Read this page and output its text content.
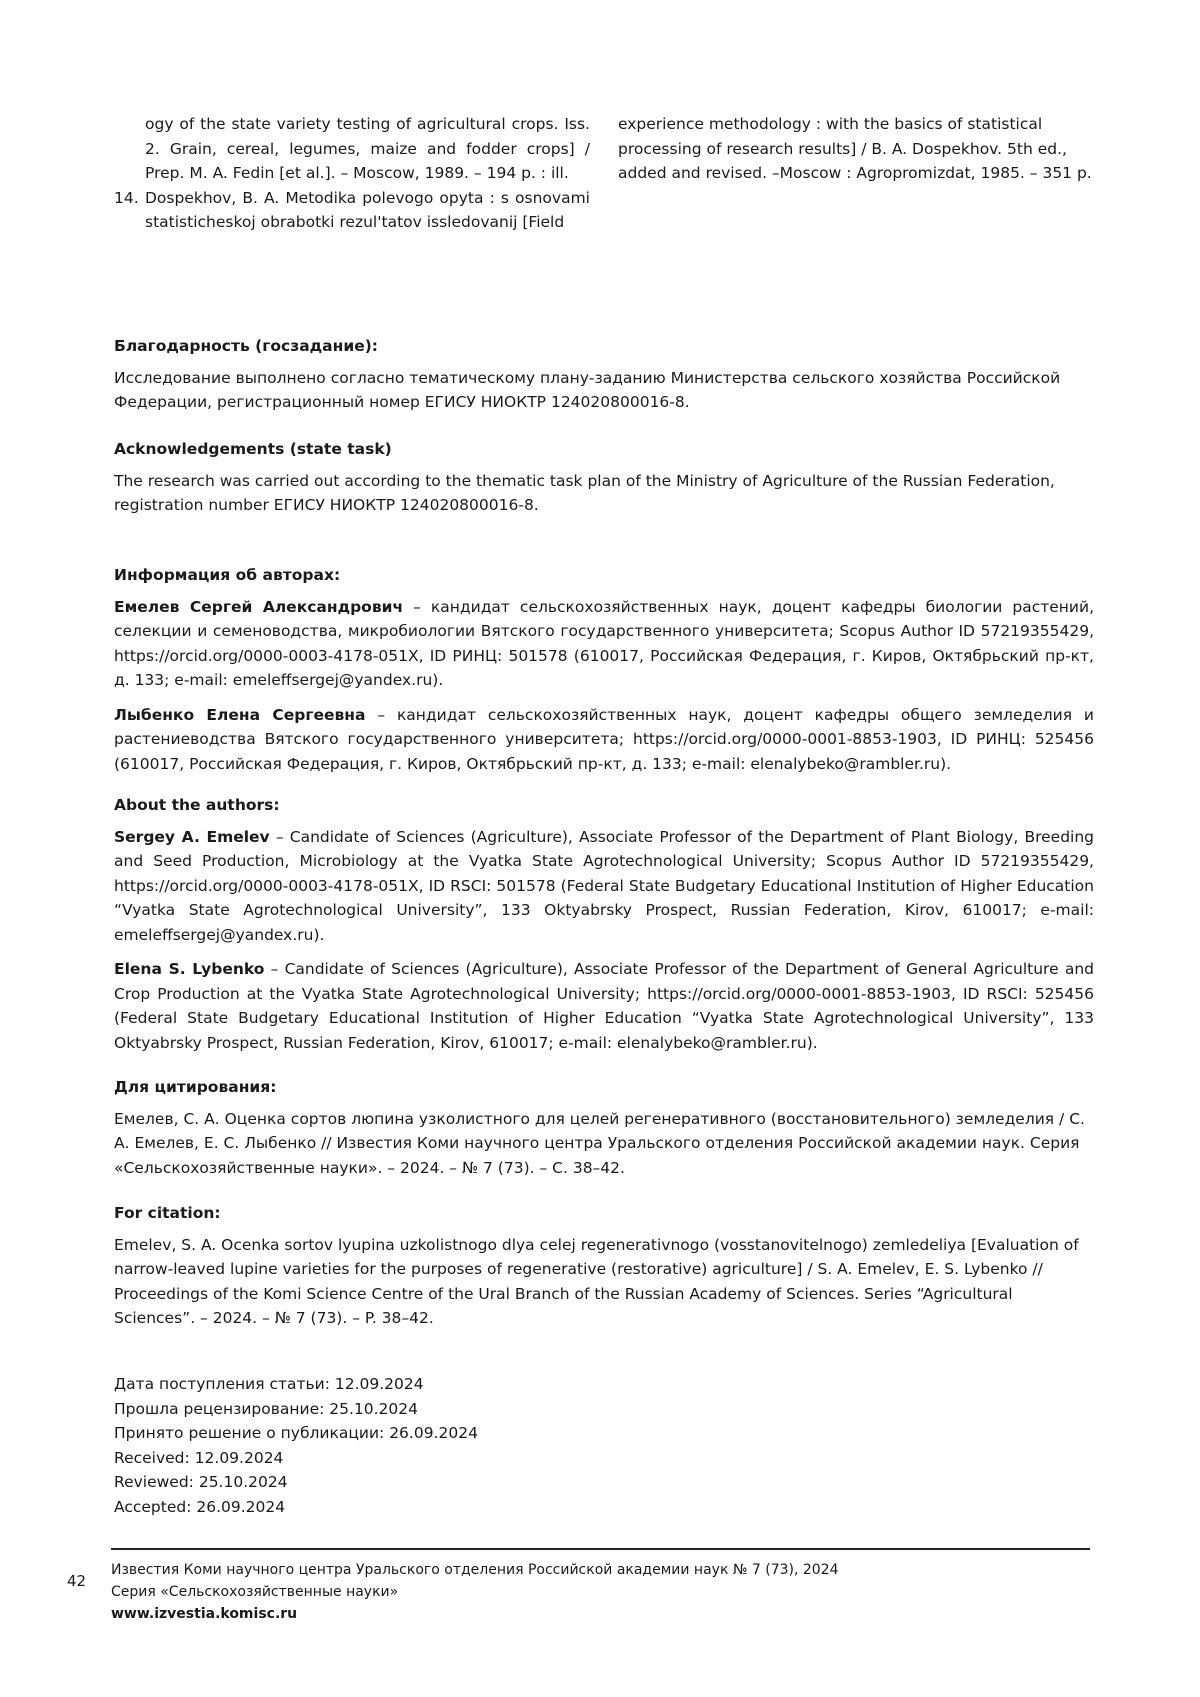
ogy of the state variety testing of agricultural crops. Iss. 2. Grain, cereal, legumes, maize and fodder crops] / Prep. M. A. Fedin [et al.]. – Moscow, 1989. – 194 p. : ill.

14. Dospekhov, B. A. Metodika polevogo opyta : s osnovami statisticheskoj obrabotki rezul'tatov issledovanij [Field

experience methodology : with the basics of statistical processing of research results] / B. A. Dospekhov. 5th ed., added and revised. –Moscow : Agropromizdat, 1985. – 351 p.

Благодарность (госзадание):

Исследование выполнено согласно тематическому плану-заданию Министерства сельского хозяйства Российской Федерации, регистрационный номер ЕГИСУ НИОКТР 124020800016-8.

Acknowledgements (state task)

The research was carried out according to the thematic task plan of the Ministry of Agriculture of the Russian Federation, registration number ЕГИСУ НИОКТР 124020800016-8.

Информация об авторах:

Емелев Сергей Александрович – кандидат сельскохозяйственных наук, доцент кафедры биологии растений, селекции и семеноводства, микробиологии Вятского государственного университета; Scopus Author ID 57219355429, https://orcid.org/0000-0003-4178-051X, ID РИНЦ: 501578 (610017, Российская Федерация, г. Киров, Октябрьский пр-кт, д. 133; e-mail: emeleffsergej@yandex.ru).

Лыбенко Елена Сергеевна – кандидат сельскохозяйственных наук, доцент кафедры общего земледелия и растениеводства Вятского государственного университета; https://orcid.org/0000-0001-8853-1903, ID РИНЦ: 525456 (610017, Российская Федерация, г. Киров, Октябрьский пр-кт, д. 133; e-mail: elenalybeko@rambler.ru).

About the authors:

Sergey A. Emelev – Candidate of Sciences (Agriculture), Associate Professor of the Department of Plant Biology, Breeding and Seed Production, Microbiology at the Vyatka State Agrotechnological University; Scopus Author ID 57219355429, https://orcid.org/0000-0003-4178-051X, ID RSCI: 501578 (Federal State Budgetary Educational Institution of Higher Education “Vyatka State Agrotechnological University”, 133 Oktyabrsky Prospect, Russian Federation, Kirov, 610017; e-mail: emeleffsergej@yandex.ru).

Elena S. Lybenko – Candidate of Sciences (Agriculture), Associate Professor of the Department of General Agriculture and Crop Production at the Vyatka State Agrotechnological University; https://orcid.org/0000-0001-8853-1903, ID RSCI: 525456 (Federal State Budgetary Educational Institution of Higher Education “Vyatka State Agrotechnological University”, 133 Oktyabrsky Prospect, Russian Federation, Kirov, 610017; e-mail: elenalybeko@rambler.ru).

Для цитирования:

Емелев, С. А. Оценка сортов люпина узколистного для целей регенеративного (восстановительного) земледелия / С. А. Емелев, Е. С. Лыбенко // Известия Коми научного центра Уральского отделения Российской академии наук. Серия «Сельскохозяйственные науки». – 2024. – № 7 (73). – С. 38–42.

For citation:

Emelev, S. A. Ocenka sortov lyupina uzkolistnogo dlya celej regenerativnogo (vosstanovitelnogo) zemledeliya [Evaluation of narrow-leaved lupine varieties for the purposes of regenerative (restorative) agriculture] / S. A. Emelev, E. S. Lybenko // Proceedings of the Komi Science Centre of the Ural Branch of the Russian Academy of Sciences. Series “Agricultural Sciences”. – 2024. – № 7 (73). – P. 38–42.

Дата поступления статьи: 12.09.2024
Прошла рецензирование: 25.10.2024
Принято решение о публикации: 26.09.2024
Received: 12.09.2024
Reviewed: 25.10.2024
Accepted: 26.09.2024
42
Известия Коми научного центра Уральского отделения Российской академии наук № 7 (73), 2024
Серия «Сельскохозяйственные науки»
www.izvestia.komisc.ru
